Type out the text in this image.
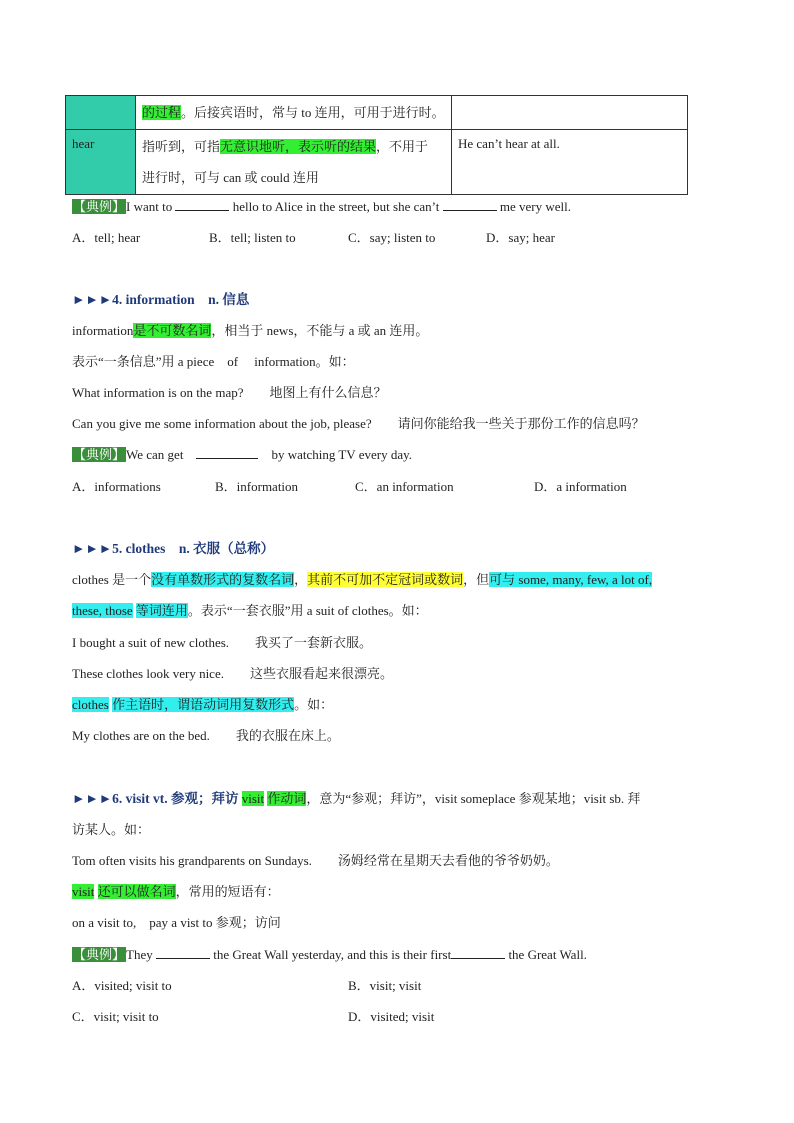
	的过程。后接宾语时，常与 to 连用，可用于进行时。	
hear	指听到，可指无意识地听，表示听的结果，不用于
进行时，可与 can 或 could 连用	He can’t hear at all.
【典例】I want to	hello to Alice in the street, but she can’t	me very well.
A．tell; hear	B．tell; listen to	C．say; listen to	D．say; hear
►►►4. information　n. 信息
information是不可数名词，相当于 news，不能与 a 或 an 连用。
表示“一条信息”用 a piece　of　 information。如：
What information is on the map?　　地图上有什么信息？
Can you give me some information about the job, please?　　请问你能给我一些关于那份工作的信息吗？
【典例】We can get	by watching TV every day.
A．informations	B．information	C．an information	D．a information
►►►5. clothes　n. 衣服（总称）
clothes 是一个没有单数形式的复数名词，其前不可加不定冠词或数词，但可与 some, many, few, a lot of,
these, those 等词连用。表示“一套衣服”用 a suit of clothes。如：
I bought a suit of new clothes.　　我买了一套新衣服。
These clothes look very nice.　　这些衣服看起来很漂亮。
clothes 作主语时，谓语动词用复数形式。如：
My clothes are on the bed.　　我的衣服在床上。
►►►6. visit vt. 参观；拜访 visit 作动词，意为“参观；拜访”，visit someplace 参观某地；visit sb. 拜
访某人。如：
Tom often visits his grandparents on Sundays.　　汤姆经常在星期天去看他的爷爷奶奶。
visit 还可以做名词，常用的短语有：
on a visit to,　pay a vist to 参观；访问
【典例】They	the Great Wall yesterday, and this is their first	the Great Wall.
A．visited; visit to	B．visit; visit
C．visit; visit to	D．visited; visit
